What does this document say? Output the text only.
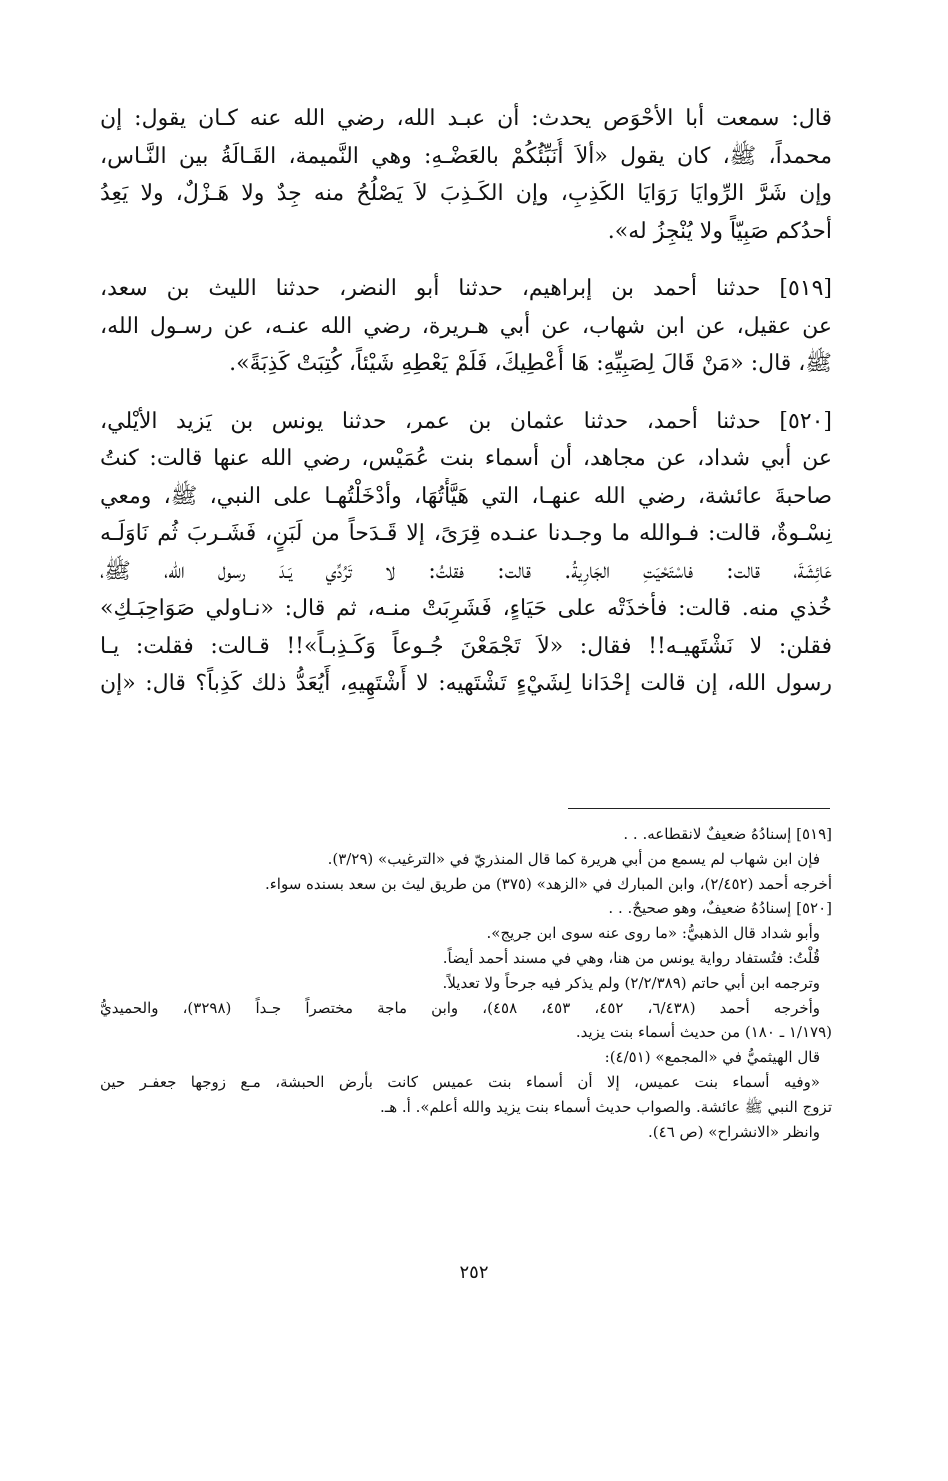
قال: سمعت أبا الأحْوَص يحدث: أن عبـد الله، رضي الله عنه كـان يقول: إن
محمداً، ﷺ، كان يقول «ألاَ أُنَبِّئُكُمْ بالعَضْـهِ: وهي النَّميمة، القَـالَةُ بين النَّـاس،
وإن شَرَّ الرِّوايَا رَوَايَا الكَذِبِ، وإن الكَـذِبَ لاَ يَصْلُحُ منه جِدٌ ولا هَـزْلٌ، ولا يَعِدُ
أحدُكم صَبِيّاً ولا يُنْجِزُ له».
[٥١٩] حدثنا أحمد بن إبراهيم، حدثنا أبو النضر، حدثنا الليث بن سعد،
عن عقيل، عن ابن شهاب، عن أبي هـريرة، رضي الله عنـه، عن رسـول الله،
ﷺ، قال: «مَنْ قَالَ لِصَبِيِّهِ: هَا أُعْطِيكَ، فَلَمْ يَعْطِهِ شَيْئاً، كُتِبَتْ كَذِبَةً».
[٥٢٠] حدثنا أحمد، حدثنا عثمان بن عمر، حدثنا يونس بن يَزيد الأيْلي،
عن أبي شداد، عن مجاهد، أن أسماء بنت عُمَيْس، رضي الله عنها قالت: كنتُ
صاحبةَ عائشة، رضي الله عنهـا، التي هَيَّأْتُهَا، وأدْخَلْتُهـا على النبي، ﷺ، ومعي
نِسْـوةٌ، قالت: فـوالله ما وجـدنا عنـده قِرَىً، إلا قَـدَحاً من لَبَنٍ، فَشَـربَ ثُم نَاوَلَـه
عَائِشَةَ، قالت: فاسْتَحْيَتِ الجَارِيةُ. قالت: فقلتُ: لا تَرُدِّي يَـدَ رسول الله، ﷺ،
خُذي منه. قالت: فأخذَتْه على حَيَاءٍ، فَشَرِبَتْ منـه، ثم قال: «نـاولي صَوَاحِبَـكِ»
فقلن: لا نَشْتَهيـه!! فقال: «لاَ تَجْمَعْنَ جُـوعاً وَكَـذِبـاً»!! قـالت: فقلت: يـا
رسول الله، إن قالت إحْدَانا لِشَيْءٍ تَشْتَهيه: لا أَشْتَهِيهِ، أَيُعَدُّ ذلك كَذِباً؟ قال: «إن
[٥١٩] إسنادُهُ ضعيفٌ لانقطاعه. . .
فإن ابن شهاب لم يسمع من أبي هريرة كما قال المنذريّ في «الترغيب» (٣/٢٩).
أخرجه أحمد (٢/٤٥٢)، وابن المبارك في «الزهد» (٣٧٥) من طريق ليث بن سعد بسنده سواء.
[٥٢٠] إسنادُهُ ضعيفٌ، وهو صحيحٌ. . .
وأبو شداد قال الذهبيُّ: «ما روى عنه سوى ابن جريج».
قُلْتُ: فتُستفاد رواية يونس من هنا، وهي في مسند أحمد أيضاً.
وترجمه ابن أبي حاتم (٢/٢/٣٨٩) ولم يذكر فيه جرحاً ولا تعديلاً.
وأخرجه أحمد (٦/٤٣٨، ٤٥٢، ٤٥٣، ٤٥٨)، وابن ماجة مختصراً جـداً (٣٢٩٨)، والحميديُّ
(١/١٧٩ ـ ١٨٠) من حديث أسماء بنت يزيد.
قال الهيثميُّ في «المجمع» (٤/٥١):
«وفيه أسماء بنت عميس، إلا أن أسماء بنت عميس كانت بأرض الحبشة، مـع زوجها جعفـر حين
تزوج النبي ﷺ عائشة. والصواب حديث أسماء بنت يزيد والله أعلم». أ. هـ.
وانظر «الانشراح» (ص ٤٦).
٢٥٢
